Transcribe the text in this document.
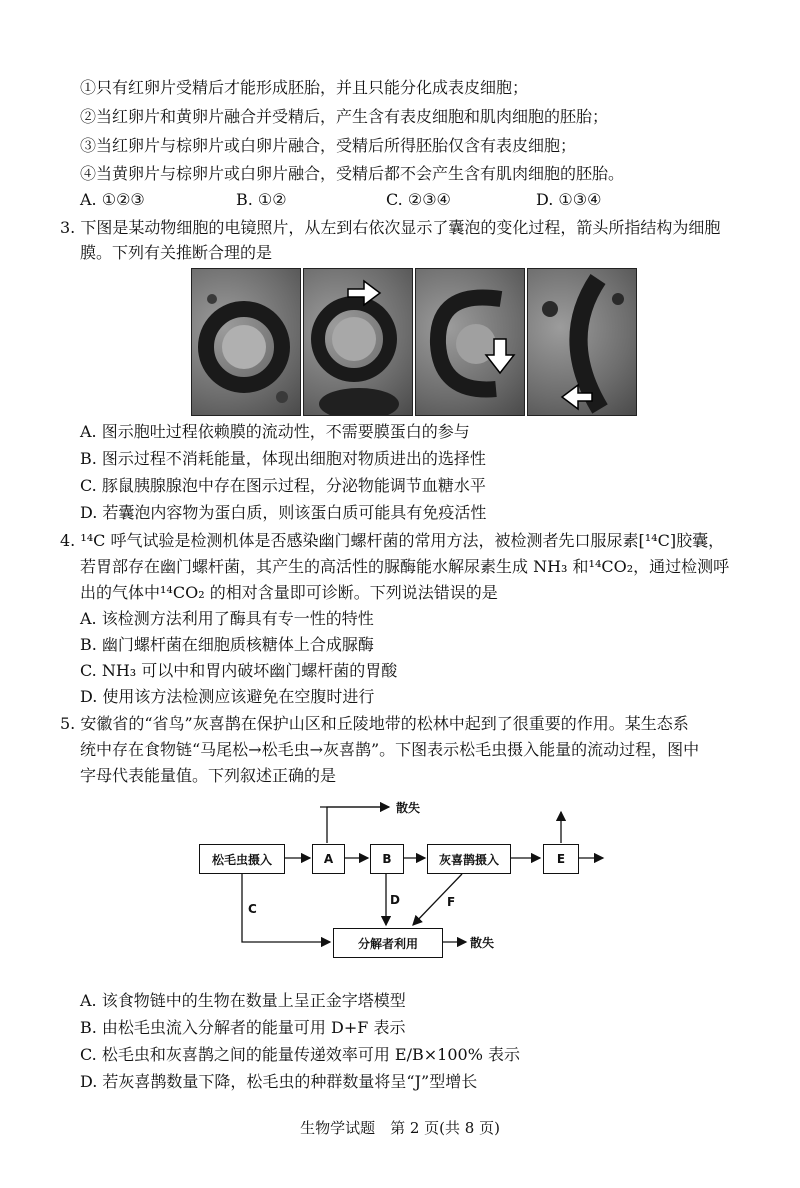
①只有红卵片受精后才能形成胚胎，并且只能分化成表皮细胞；
②当红卵片和黄卵片融合并受精后，产生含有表皮细胞和肌肉细胞的胚胎；
③当红卵片与棕卵片或白卵片融合，受精后所得胚胎仅含有表皮细胞；
④当黄卵片与棕卵片或白卵片融合，受精后都不会产生含有肌肉细胞的胚胎。
A. ①②③	B. ①②	C. ②③④	D. ①③④
3. 下图是某动物细胞的电镜照片，从左到右依次显示了囊泡的变化过程，箭头所指结构为细胞
膜。下列有关推断合理的是
A. 图示胞吐过程依赖膜的流动性，不需要膜蛋白的参与
B. 图示过程不消耗能量，体现出细胞对物质进出的选择性
C. 豚鼠胰腺腺泡中存在图示过程，分泌物能调节血糖水平
D. 若囊泡内容物为蛋白质，则该蛋白质可能具有免疫活性
4. ¹⁴C 呼气试验是检测机体是否感染幽门螺杆菌的常用方法，被检测者先口服尿素[¹⁴C]胶囊，
若胃部存在幽门螺杆菌，其产生的高活性的脲酶能水解尿素生成 NH₃ 和¹⁴CO₂，通过检测呼
出的气体中¹⁴CO₂ 的相对含量即可诊断。下列说法错误的是
A. 该检测方法利用了酶具有专一性的特性
B. 幽门螺杆菌在细胞质核糖体上合成脲酶
C. NH₃ 可以中和胃内破坏幽门螺杆菌的胃酸
D. 使用该方法检测应该避免在空腹时进行
5. 安徽省的“省鸟”灰喜鹊在保护山区和丘陵地带的松林中起到了很重要的作用。某生态系
统中存在食物链“马尾松→松毛虫→灰喜鹊”。下图表示松毛虫摄入能量的流动过程，图中
字母代表能量值。下列叙述正确的是
松毛虫摄入	A	B	灰喜鹊摄入	E
分解者利用
散失
散失
C
D	F
A. 该食物链中的生物在数量上呈正金字塔模型
B. 由松毛虫流入分解者的能量可用 D+F 表示
C. 松毛虫和灰喜鹊之间的能量传递效率可用 E/B×100% 表示
D. 若灰喜鹊数量下降，松毛虫的种群数量将呈“J”型增长
生物学试题　第 2 页(共 8 页)
